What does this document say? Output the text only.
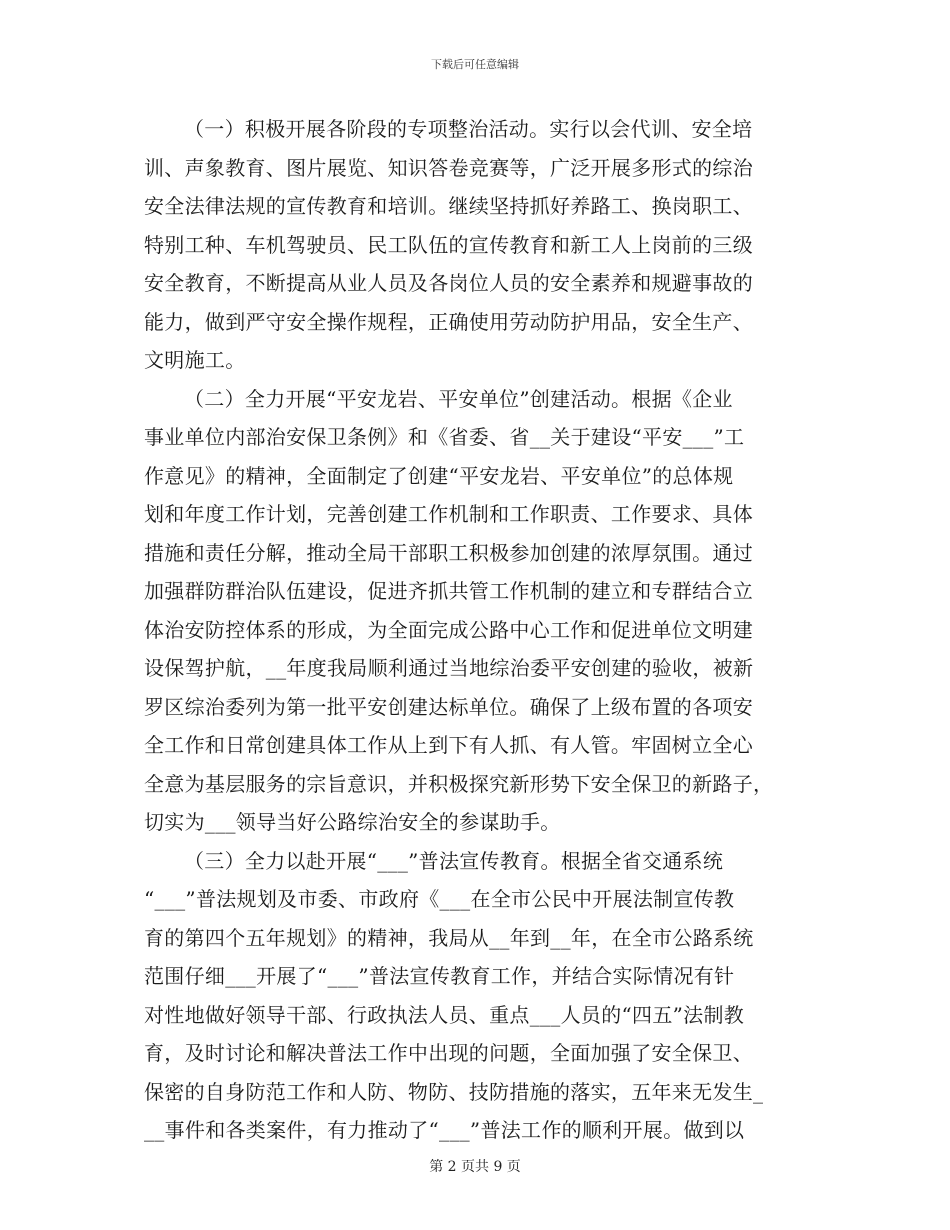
下载后可任意编辑
（一）积极开展各阶段的专项整治活动。实行以会代训、安全培
训、声象教育、图片展览、知识答卷竞赛等，广泛开展多形式的综治
安全法律法规的宣传教育和培训。继续坚持抓好养路工、换岗职工、
特别工种、车机驾驶员、民工队伍的宣传教育和新工人上岗前的三级
安全教育，不断提高从业人员及各岗位人员的安全素养和规避事故的
能力，做到严守安全操作规程，正确使用劳动防护用品，安全生产、
文明施工。
（二）全力开展“平安龙岩、平安单位”创建活动。根据《企业
事业单位内部治安保卫条例》和《省委、省__关于建设“平安___”工
作意见》的精神，全面制定了创建“平安龙岩、平安单位”的总体规
划和年度工作计划，完善创建工作机制和工作职责、工作要求、具体
措施和责任分解，推动全局干部职工积极参加创建的浓厚氛围。通过
加强群防群治队伍建设，促进齐抓共管工作机制的建立和专群结合立
体治安防控体系的形成，为全面完成公路中心工作和促进单位文明建
设保驾护航，__年度我局顺利通过当地综治委平安创建的验收，被新
罗区综治委列为第一批平安创建达标单位。确保了上级布置的各项安
全工作和日常创建具体工作从上到下有人抓、有人管。牢固树立全心
全意为基层服务的宗旨意识，并积极探究新形势下安全保卫的新路子，
切实为___领导当好公路综治安全的参谋助手。
（三）全力以赴开展“___”普法宣传教育。根据全省交通系统
“___”普法规划及市委、市政府《___在全市公民中开展法制宣传教
育的第四个五年规划》的精神，我局从__年到__年，在全市公路系统
范围仔细___开展了“___”普法宣传教育工作，并结合实际情况有针
对性地做好领导干部、行政执法人员、重点___人员的“四五”法制教
育，及时讨论和解决普法工作中出现的问题，全面加强了安全保卫、
保密的自身防范工作和人防、物防、技防措施的落实，五年来无发生_
__事件和各类案件，有力推动了“___”普法工作的顺利开展。做到以
第 2 页共 9 页
